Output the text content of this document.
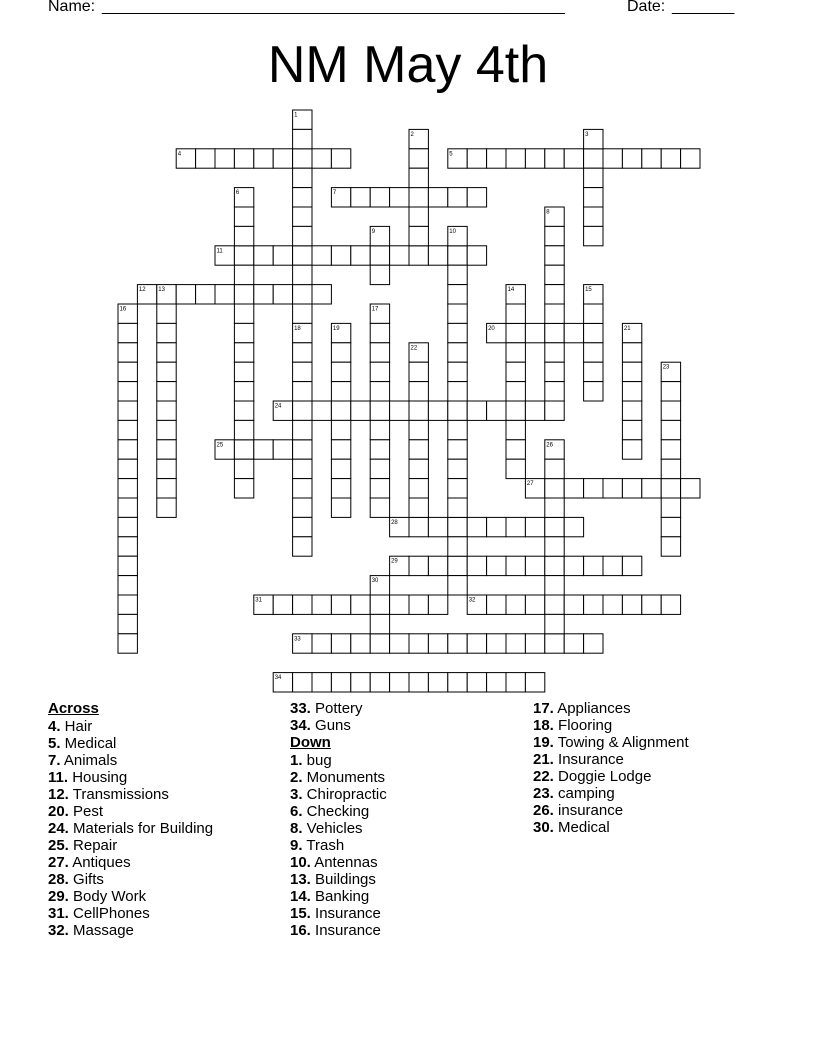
Name: ____________________________________________________	Date: _______
NM May 4th
4	5
7
11
12
20
24
25
27
28
29
31	32
33
34
1
2	3
6
8
9	10
13	14	15
16	17
18	19	21
22
23
26
30
Across
4. Hair
5. Medical
7. Animals
11. Housing
12. Transmissions
20. Pest
24. Materials for Building
25. Repair
27. Antiques
28. Gifts
29. Body Work
31. CellPhones
32. Massage
33. Pottery
34. Guns
Down
1. bug
2. Monuments
3. Chiropractic
6. Checking
8. Vehicles
9. Trash
10. Antennas
13. Buildings
14. Banking
15. Insurance
16. Insurance
17. Appliances
18. Flooring
19. Towing & Alignment
21. Insurance
22. Doggie Lodge
23. camping
26. insurance
30. Medical
